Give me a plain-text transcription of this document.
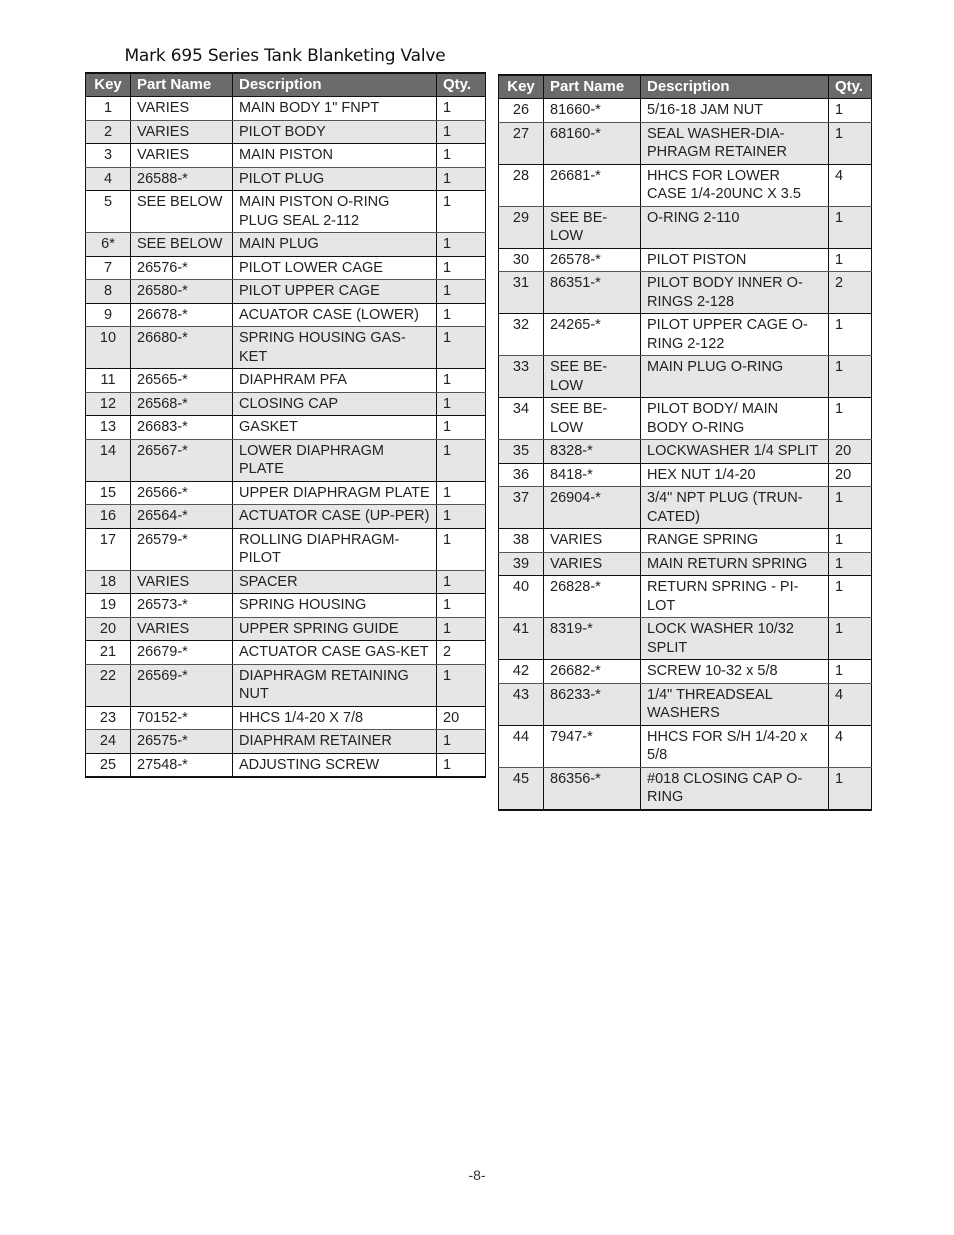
Mark 695 Series Tank Blanketing Valve
Key	Part Name	Description	Qty.
1	VARIES	MAIN BODY 1" FNPT	1
2	VARIES	PILOT BODY	1
3	VARIES	MAIN PISTON	1
4	26588-*	PILOT PLUG	1
5	SEE BELOW	MAIN PISTON O-RING PLUG SEAL 2-112	1
6*	SEE BELOW	MAIN PLUG	1
7	26576-*	PILOT LOWER CAGE	1
8	26580-*	PILOT UPPER CAGE	1
9	26678-*	ACUATOR CASE (LOWER)	1
10	26680-*	SPRING HOUSING GAS-KET	1
11	26565-*	DIAPHRAM PFA	1
12	26568-*	CLOSING CAP	1
13	26683-*	GASKET	1
14	26567-*	LOWER DIAPHRAGM PLATE	1
15	26566-*	UPPER DIAPHRAGM PLATE	1
16	26564-*	ACTUATOR CASE (UP-PER)	1
17	26579-*	ROLLING DIAPHRAGM-PILOT	1
18	VARIES	SPACER	1
19	26573-*	SPRING HOUSING	1
20	VARIES	UPPER SPRING GUIDE	1
21	26679-*	ACTUATOR CASE GAS-KET	2
22	26569-*	DIAPHRAGM RETAINING NUT	1
23	70152-*	HHCS 1/4-20 X 7/8	20
24	26575-*	DIAPHRAM RETAINER	1
25	27548-*	ADJUSTING SCREW	1
Key	Part Name	Description	Qty.
26	81660-*	5/16-18 JAM NUT	1
27	68160-*	SEAL WASHER-DIA-PHRAGM RETAINER	1
28	26681-*	HHCS FOR LOWER CASE 1/4-20UNC X 3.5	4
29	SEE BE-LOW	O-RING 2-110	1
30	26578-*	PILOT PISTON	1
31	86351-*	PILOT BODY INNER O-RINGS 2-128	2
32	24265-*	PILOT UPPER CAGE O-RING 2-122	1
33	SEE BE-LOW	MAIN PLUG O-RING	1
34	SEE BE-LOW	PILOT BODY/ MAIN BODY O-RING	1
35	8328-*	LOCKWASHER 1/4 SPLIT	20
36	8418-*	HEX NUT 1/4-20	20
37	26904-*	3/4" NPT PLUG (TRUN-CATED)	1
38	VARIES	RANGE SPRING	1
39	VARIES	MAIN RETURN SPRING	1
40	26828-*	RETURN SPRING - PI-LOT	1
41	8319-*	LOCK WASHER 10/32 SPLIT	1
42	26682-*	SCREW 10-32 x 5/8	1
43	86233-*	1/4" THREADSEAL WASHERS	4
44	7947-*	HHCS FOR S/H 1/4-20 x 5/8	4
45	86356-*	#018 CLOSING CAP O-RING	1
-8-
